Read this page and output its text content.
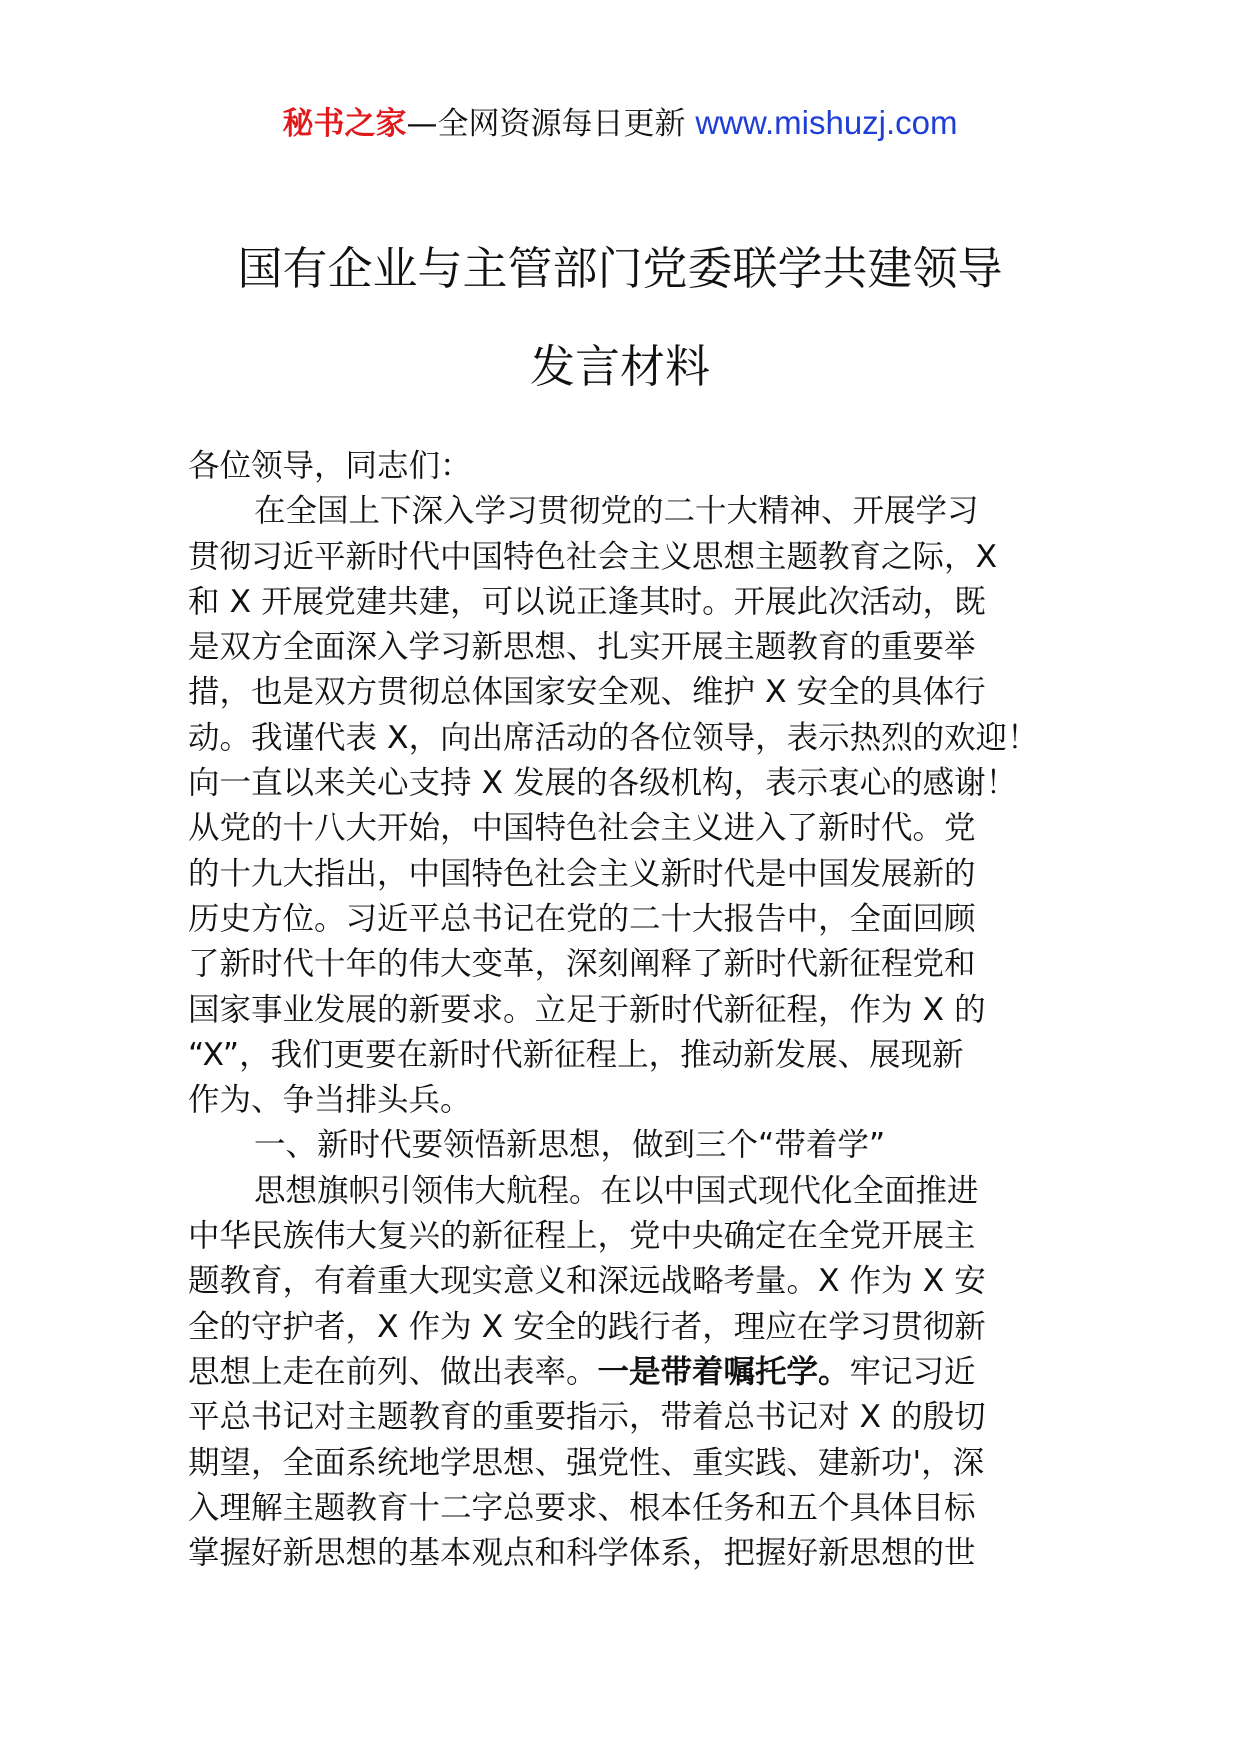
秘书之家—全网资源每日更新 www.mishuzj.com
国有企业与主管部门党委联学共建领导
发言材料
各位领导，同志们：
在全国上下深入学习贯彻党的二十大精神、开展学习
贯彻习近平新时代中国特色社会主义思想主题教育之际，X
和 X 开展党建共建，可以说正逢其时。开展此次活动，既
是双方全面深入学习新思想、扎实开展主题教育的重要举
措，也是双方贯彻总体国家安全观、维护 X 安全的具体行
动。我谨代表 X，向出席活动的各位领导，表示热烈的欢迎！
向一直以来关心支持 X 发展的各级机构，表示衷心的感谢！
从党的十八大开始，中国特色社会主义进入了新时代。党
的十九大指出，中国特色社会主义新时代是中国发展新的
历史方位。习近平总书记在党的二十大报告中，全面回顾
了新时代十年的伟大变革，深刻阐释了新时代新征程党和
国家事业发展的新要求。立足于新时代新征程，作为 X 的
“X”，我们更要在新时代新征程上，推动新发展、展现新
作为、争当排头兵。
一、新时代要领悟新思想，做到三个“带着学”
思想旗帜引领伟大航程。在以中国式现代化全面推进
中华民族伟大复兴的新征程上，党中央确定在全党开展主
题教育，有着重大现实意义和深远战略考量。X 作为 X 安
全的守护者，X 作为 X 安全的践行者，理应在学习贯彻新
思想上走在前列、做出表率。一是带着嘱托学。牢记习近
平总书记对主题教育的重要指示，带着总书记对 X 的殷切
期望，全面系统地学思想、强党性、重实践、建新功'，深
入理解主题教育十二字总要求、根本任务和五个具体目标
掌握好新思想的基本观点和科学体系，把握好新思想的世
